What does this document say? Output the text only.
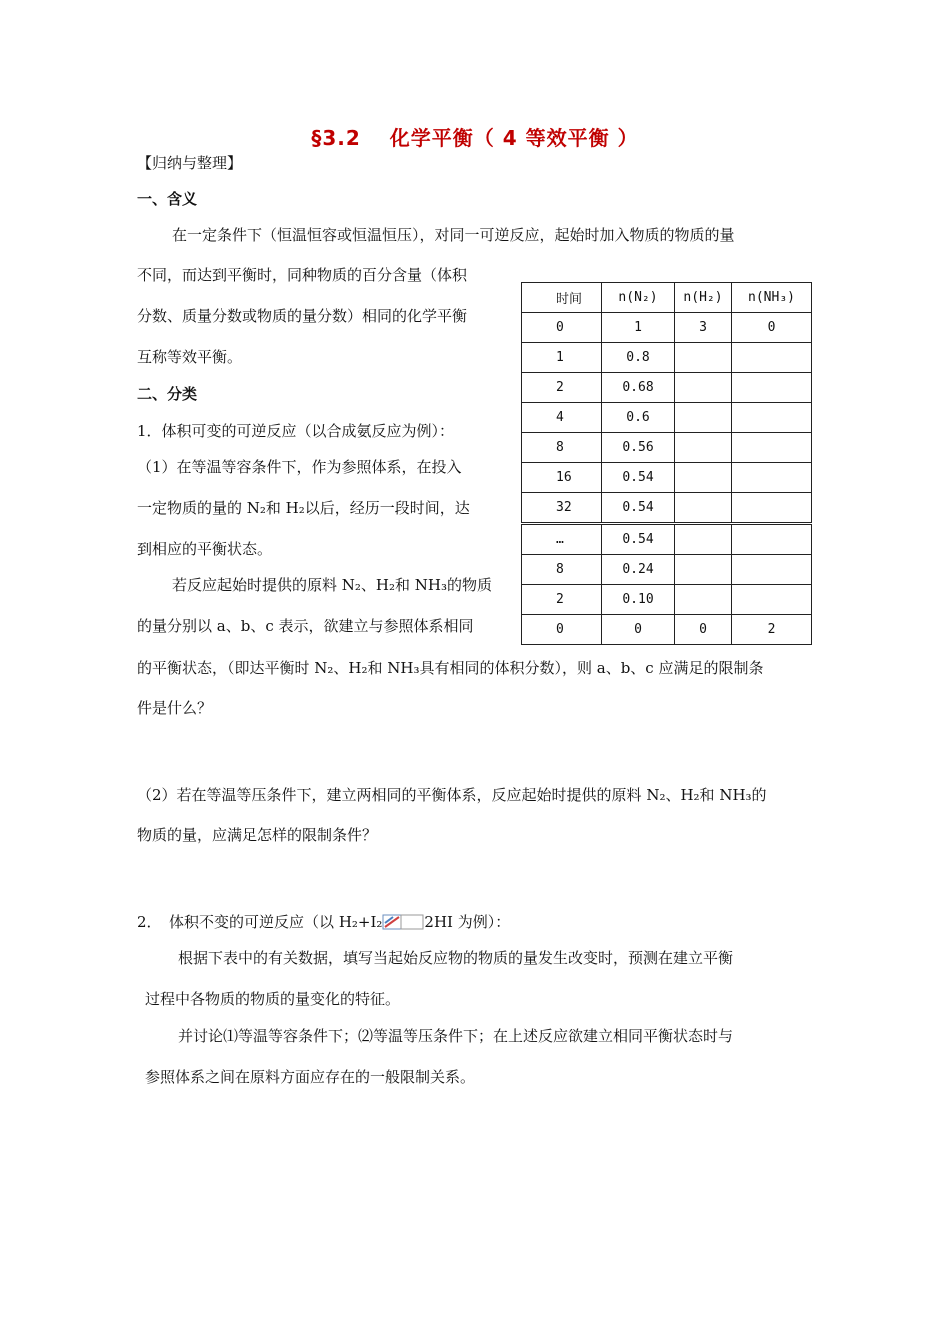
§3.2　 化学平衡（ 4 等效平衡 ）
【归纳与整理】
一、含义
在一定条件下（恒温恒容或恒温恒压），对同一可逆反应，起始时加入物质的物质的量
不同，而达到平衡时，同种物质的百分含量（体积
分数、质量分数或物质的量分数）相同的化学平衡
互称等效平衡。
二、分类
1．体积可变的可逆反应（以合成氨反应为例）：
（1）在等温等容条件下，作为参照体系，在投入
一定物质的量的 N₂和 H₂以后，经历一段时间，达
到相应的平衡状态。
若反应起始时提供的原料 N₂、H₂和 NH₃的物质
的量分别以 a、b、c 表示，欲建立与参照体系相同
的平衡状态，（即达平衡时 N₂、H₂和 NH₃具有相同的体积分数），则 a、b、c 应满足的限制条
件是什么？
（2）若在等温等压条件下，建立两相同的平衡体系，反应起始时提供的原料 N₂、H₂和 NH₃的
物质的量，应满足怎样的限制条件？
2．　体积不变的可逆反应（以 H₂+I₂	2HI 为例）：
根据下表中的有关数据，填写当起始反应物的物质的量发生改变时，预测在建立平衡
过程中各物质的物质的量变化的特征。
并讨论⑴等温等容条件下；⑵等温等压条件下；在上述反应欲建立相同平衡状态时与
参照体系之间在原料方面应存在的一般限制关系。
时间	n(N₂)	n(H₂)	n(NH₃)
0	1	3	0
1	0.8		
2	0.68		
4	0.6		
8	0.56		
16	0.54		
32	0.54		
…	0.54		
8	0.24		
2	0.10		
0	0	0	2
